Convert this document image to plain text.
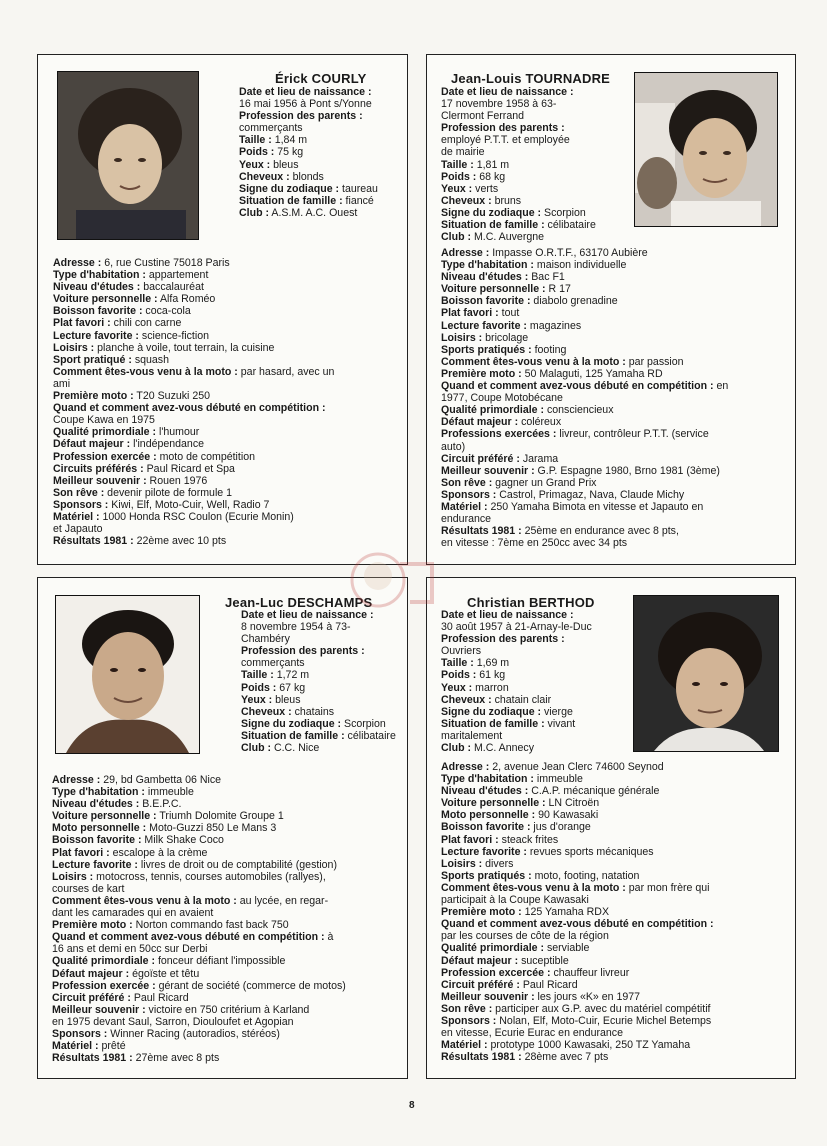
Érick COURLY
Date et lieu de naissance :
16 mai 1956 à Pont s/Yonne
Profession des parents :
commerçants
Taille : 1,84 m
Poids : 75 kg
Yeux : bleus
Cheveux : blonds
Signe du zodiaque : taureau
Situation de famille : fiancé
Club : A.S.M. A.C. Ouest
Adresse : 6, rue Custine 75018 Paris
Type d'habitation : appartement
Niveau d'études : baccalauréat
Voiture personnelle : Alfa Roméo
Boisson favorite : coca-cola
Plat favori : chili con carne
Lecture favorite : science-fiction
Loisirs : planche à voile, tout terrain, la cuisine
Sport pratiqué : squash
Comment êtes-vous venu à la moto : par hasard, avec un
ami
Première moto : T20 Suzuki 250
Quand et comment avez-vous débuté en compétition :
Coupe Kawa en 1975
Qualité primordiale : l'humour
Défaut majeur : l'indépendance
Profession exercée : moto de compétition
Circuits préférés : Paul Ricard et Spa
Meilleur souvenir : Rouen 1976
Son rêve : devenir pilote de formule 1
Sponsors : Kiwi, Elf, Moto-Cuir, Well, Radio 7
Matériel : 1000 Honda RSC Coulon (Ecurie Monin)
et Japauto
Résultats 1981 : 22ème avec 10 pts
Jean-Louis TOURNADRE
Date et lieu de naissance :
17 novembre 1958 à 63-
Clermont Ferrand
Profession des parents :
employé P.T.T. et employée
de mairie
Taille : 1,81 m
Poids : 68 kg
Yeux : verts
Cheveux : bruns
Signe du zodiaque : Scorpion
Situation de famille : célibataire
Club : M.C. Auvergne
Adresse : Impasse O.R.T.F., 63170 Aubière
Type d'habitation : maison individuelle
Niveau d'études : Bac F1
Voiture personnelle : R 17
Boisson favorite : diabolo grenadine
Plat favori : tout
Lecture favorite : magazines
Loisirs : bricolage
Sports pratiqués : footing
Comment êtes-vous venu à la moto : par passion
Première moto : 50 Malaguti, 125 Yamaha RD
Quand et comment avez-vous débuté en compétition : en
1977, Coupe Motobécane
Qualité primordiale : consciencieux
Défaut majeur : coléreux
Professions exercées : livreur, contrôleur P.T.T. (service
auto)
Circuit préféré : Jarama
Meilleur souvenir : G.P. Espagne 1980, Brno 1981 (3ème)
Son rêve : gagner un Grand Prix
Sponsors : Castrol, Primagaz, Nava, Claude Michy
Matériel : 250 Yamaha Bimota en vitesse et Japauto en
endurance
Résultats 1981 : 25ème en endurance avec 8 pts,
en vitesse : 7ème en 250cc avec 34 pts
Jean-Luc DESCHAMPS
Date et lieu de naissance :
8 novembre 1954 à 73-
Chambéry
Profession des parents :
commerçants
Taille : 1,72 m
Poids : 67 kg
Yeux : bleus
Cheveux : chatains
Signe du zodiaque : Scorpion
Situation de famille : célibataire
Club : C.C. Nice
Adresse : 29, bd Gambetta 06 Nice
Type d'habitation : immeuble
Niveau d'études : B.E.P.C.
Voiture personnelle : Triumh Dolomite Groupe 1
Moto personnelle : Moto-Guzzi 850 Le Mans 3
Boisson favorite : Milk Shake Coco
Plat favori : escalope à la crème
Lecture favorite : livres de droit ou de comptabilité (gestion)
Loisirs : motocross, tennis, courses automobiles (rallyes),
courses de kart
Comment êtes-vous venu à la moto : au lycée, en regar-
dant les camarades qui en avaient
Première moto : Norton commando fast back 750
Quand et comment avez-vous débuté en compétition : à
16 ans et demi en 50cc sur Derbi
Qualité primordiale : fonceur défiant l'impossible
Défaut majeur : égoïste et têtu
Profession exercée : gérant de société (commerce de motos)
Circuit préféré : Paul Ricard
Meilleur souvenir : victoire en 750 critérium à Karland
en 1975 devant Saul, Sarron, Diouloufet et Agopian
Sponsors : Winner Racing (autoradios, stéréos)
Matériel : prêté
Résultats 1981 : 27ème avec 8 pts
Christian BERTHOD
Date et lieu de naissance :
30 août 1957 à 21-Arnay-le-Duc
Profession des parents :
Ouvriers
Taille : 1,69 m
Poids : 61 kg
Yeux : marron
Cheveux : chatain clair
Signe du zodiaque : vierge
Situation de famille : vivant
maritalement
Club : M.C. Annecy
Adresse : 2, avenue Jean Clerc 74600 Seynod
Type d'habitation : immeuble
Niveau d'études : C.A.P. mécanique générale
Voiture personnelle : LN Citroën
Moto personnelle : 90 Kawasaki
Boisson favorite : jus d'orange
Plat favori : steack frites
Lecture favorite : revues sports mécaniques
Loisirs : divers
Sports pratiqués : moto, footing, natation
Comment êtes-vous venu à la moto : par mon frère qui
participait à la Coupe Kawasaki
Première moto : 125 Yamaha RDX
Quand et comment avez-vous débuté en compétition :
par les courses de côte de la région
Qualité primordiale : serviable
Défaut majeur : suceptible
Profession excercée : chauffeur livreur
Circuit préféré : Paul Ricard
Meilleur souvenir : les jours «K» en 1977
Son rêve : participer aux G.P. avec du matériel compétitif
Sponsors : Nolan, Elf, Moto-Cuir, Ecurie Michel Betemps
en vitesse, Ecurie Eurac en endurance
Matériel : prototype 1000 Kawasaki, 250 TZ Yamaha
Résultats 1981 : 28ème avec 7 pts
8
